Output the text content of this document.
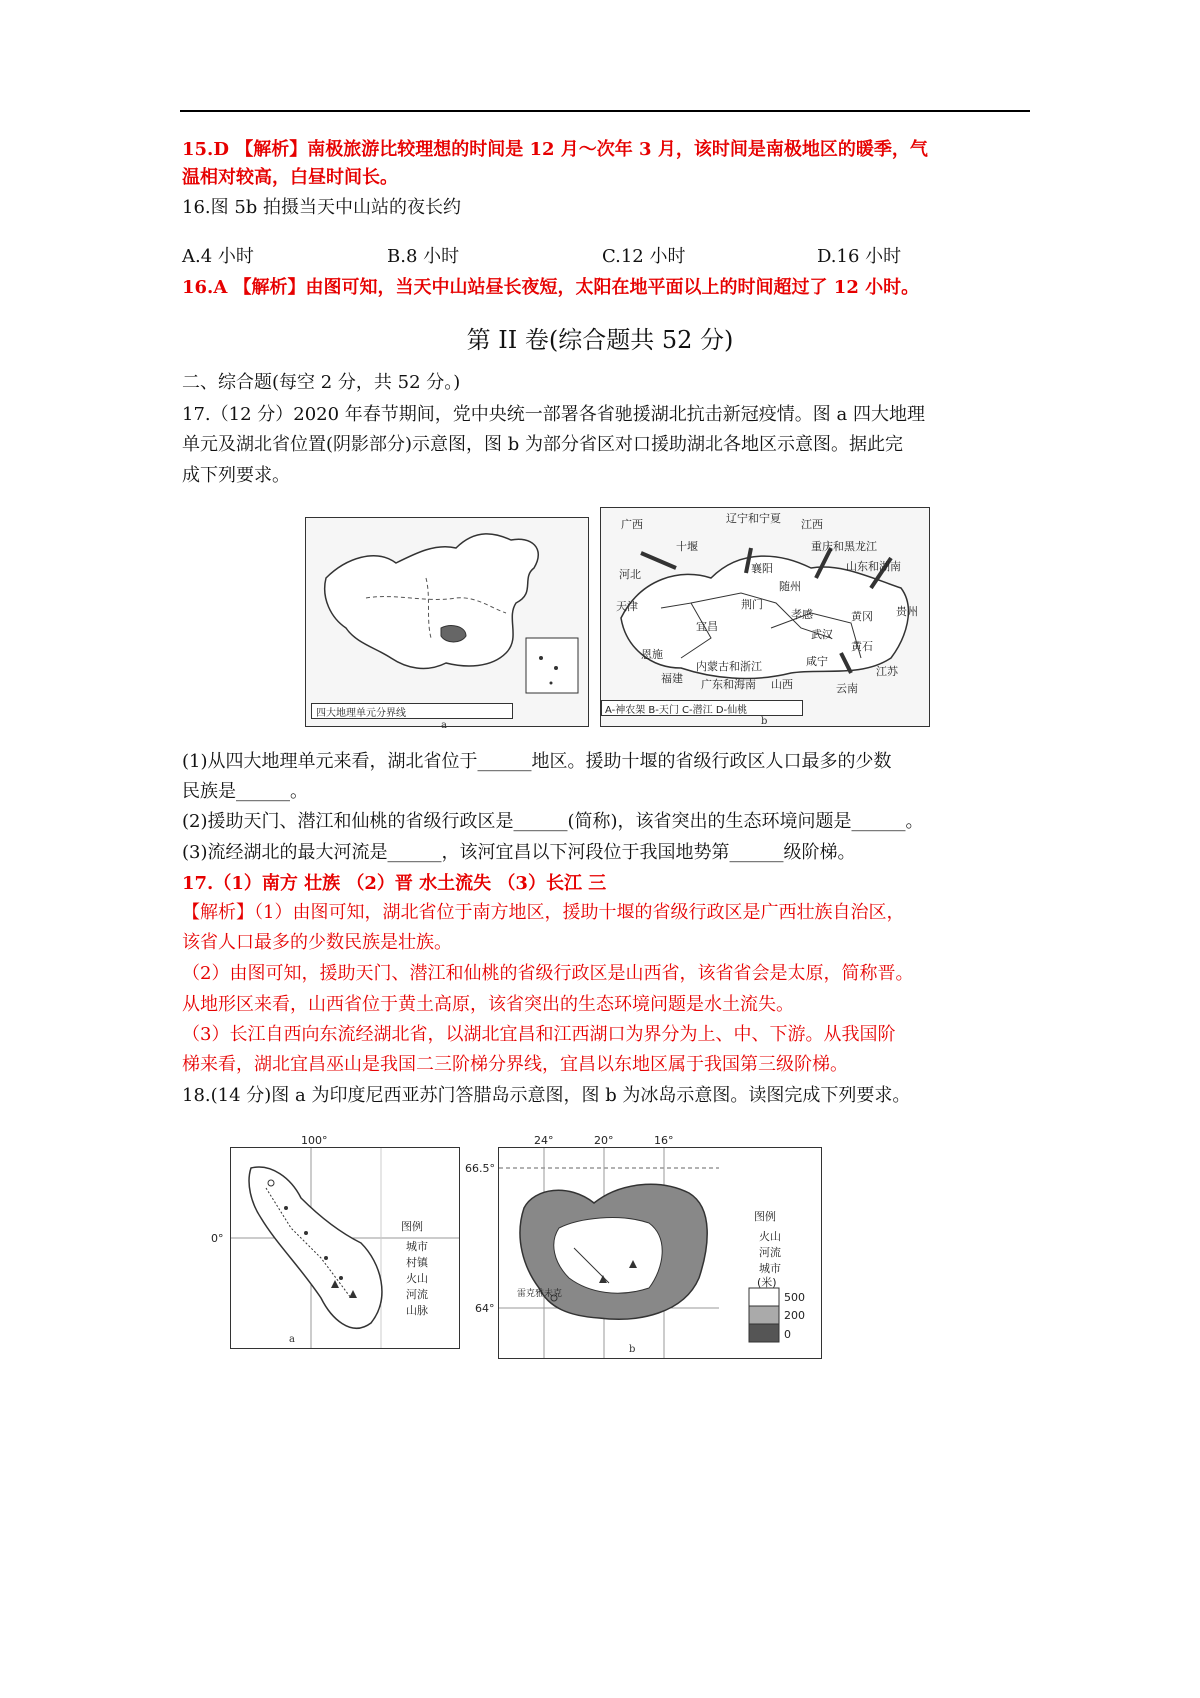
15.D 【解析】南极旅游比较理想的时间是 12 月～次年 3 月，该时间是南极地区的暖季，气
温相对较高，白昼时间长。
16.图 5b 拍摄当天中山站的夜长约
A.4 小时	B.8 小时	C.12 小时	D.16 小时
16.A 【解析】由图可知，当天中山站昼长夜短，太阳在地平面以上的时间超过了 12 小时。
第 II 卷(综合题共 52 分)
二、综合题(每空 2 分，共 52 分。)
17.（12 分）2020 年春节期间，党中央统一部署各省驰援湖北抗击新冠疫情。图 a 四大地理
单元及湖北省位置(阴影部分)示意图，图 b 为部分省区对口援助湖北各地区示意图。据此完
成下列要求。
四大地理单元分界线
a
广西	辽宁和宁夏 江西
十堰	重庆和黑龙江
河北	襄阳
随州
山东和湖南
天津	荆门
孝感
宜昌
武汉
黄冈 贵州
恩施
内蒙古和浙江	咸宁
黄石
福建 广东和海南 山西
江苏
云南
A-神农架 B-天门 C-潜江 D-仙桃
b
(1)从四大地理单元来看，湖北省位于______地区。援助十堰的省级行政区人口最多的少数
民族是______。
(2)援助天门、潜江和仙桃的省级行政区是______(简称)，该省突出的生态环境问题是______。
(3)流经湖北的最大河流是______，该河宜昌以下河段位于我国地势第______级阶梯。
17.（1）南方 壮族 （2）晋 水土流失 （3）长江 三
【解析】（1）由图可知，湖北省位于南方地区，援助十堰的省级行政区是广西壮族自治区，
该省人口最多的少数民族是壮族。
（2）由图可知，援助天门、潜江和仙桃的省级行政区是山西省，该省省会是太原，简称晋。
从地形区来看，山西省位于黄土高原，该省突出的生态环境问题是水土流失。
（3）长江自西向东流经湖北省，以湖北宜昌和江西湖口为界分为上、中、下游。从我国阶
梯来看，湖北宜昌巫山是我国二三阶梯分界线，宜昌以东地区属于我国第三级阶梯。
18.(14 分)图 a 为印度尼西亚苏门答腊岛示意图，图 b 为冰岛示意图。读图完成下列要求。
100°
0°
图例
城市
村镇
火山
河流
山脉
a
24°	20°	16°
66.5°
64°
雷克雅未克
图例
火山
河流
城市
(米)
500
200
0
b
